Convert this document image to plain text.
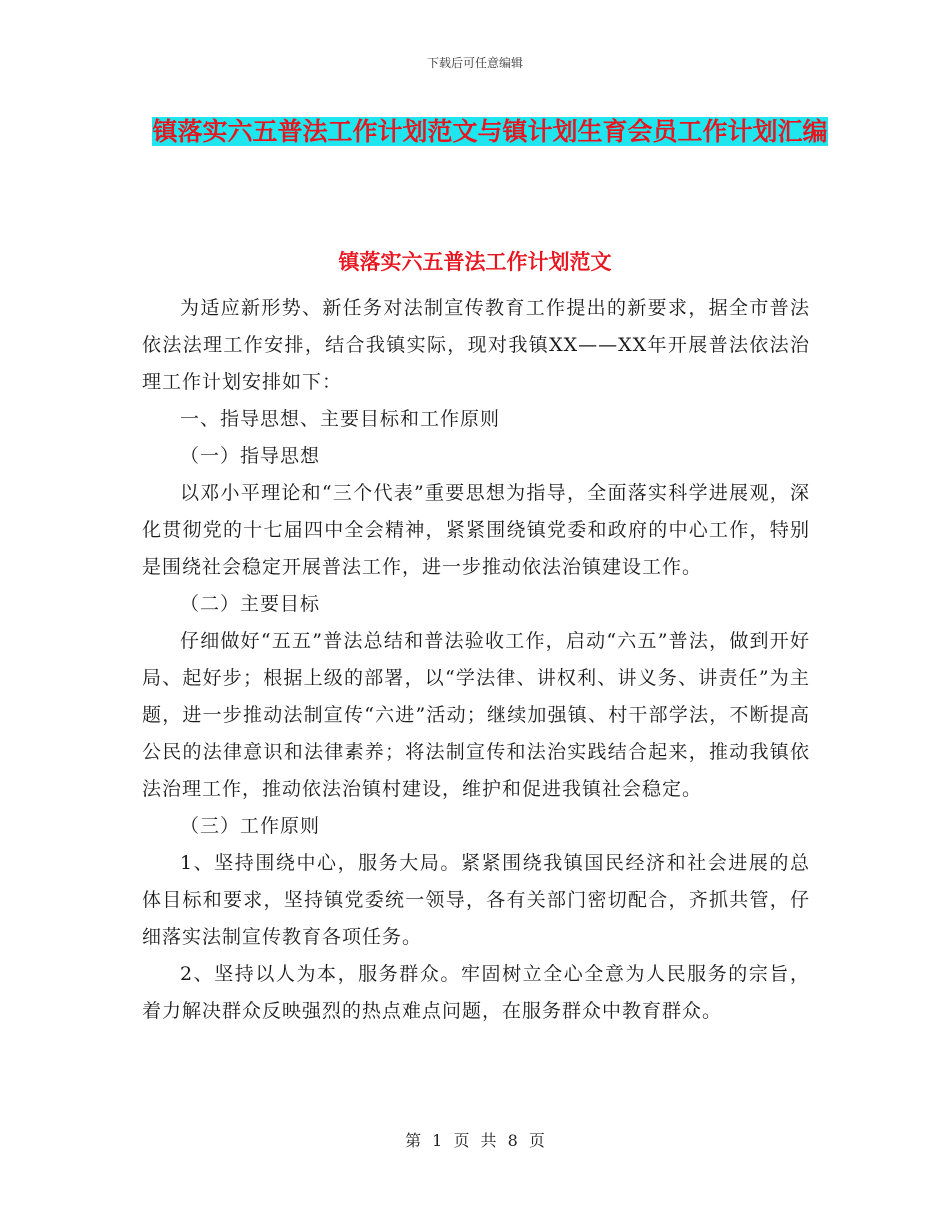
下载后可任意编辑
镇落实六五普法工作计划范文与镇计划生育会员工作计划汇编
镇落实六五普法工作计划范文

为适应新形势、新任务对法制宣传教育工作提出的新要求，据全市普法依法法理工作安排，结合我镇实际，现对我镇XX——XX年开展普法依法治理工作计划安排如下：

一、指导思想、主要目标和工作原则

（一）指导思想

以邓小平理论和“三个代表”重要思想为指导，全面落实科学进展观，深化贯彻党的十七届四中全会精神，紧紧围绕镇党委和政府的中心工作，特别是围绕社会稳定开展普法工作，进一步推动依法治镇建设工作。

（二）主要目标

仔细做好“五五”普法总结和普法验收工作，启动“六五”普法，做到开好局、起好步；根据上级的部署，以“学法律、讲权利、讲义务、讲责任”为主题，进一步推动法制宣传“六进”活动；继续加强镇、村干部学法，不断提高公民的法律意识和法律素养；将法制宣传和法治实践结合起来，推动我镇依法治理工作，推动依法治镇村建设，维护和促进我镇社会稳定。

（三）工作原则

1、坚持围绕中心，服务大局。紧紧围绕我镇国民经济和社会进展的总体目标和要求，坚持镇党委统一领导，各有关部门密切配合，齐抓共管，仔细落实法制宣传教育各项任务。

2、坚持以人为本，服务群众。牢固树立全心全意为人民服务的宗旨，着力解决群众反映强烈的热点难点问题，在服务群众中教育群众。

第 1 页 共 8 页
